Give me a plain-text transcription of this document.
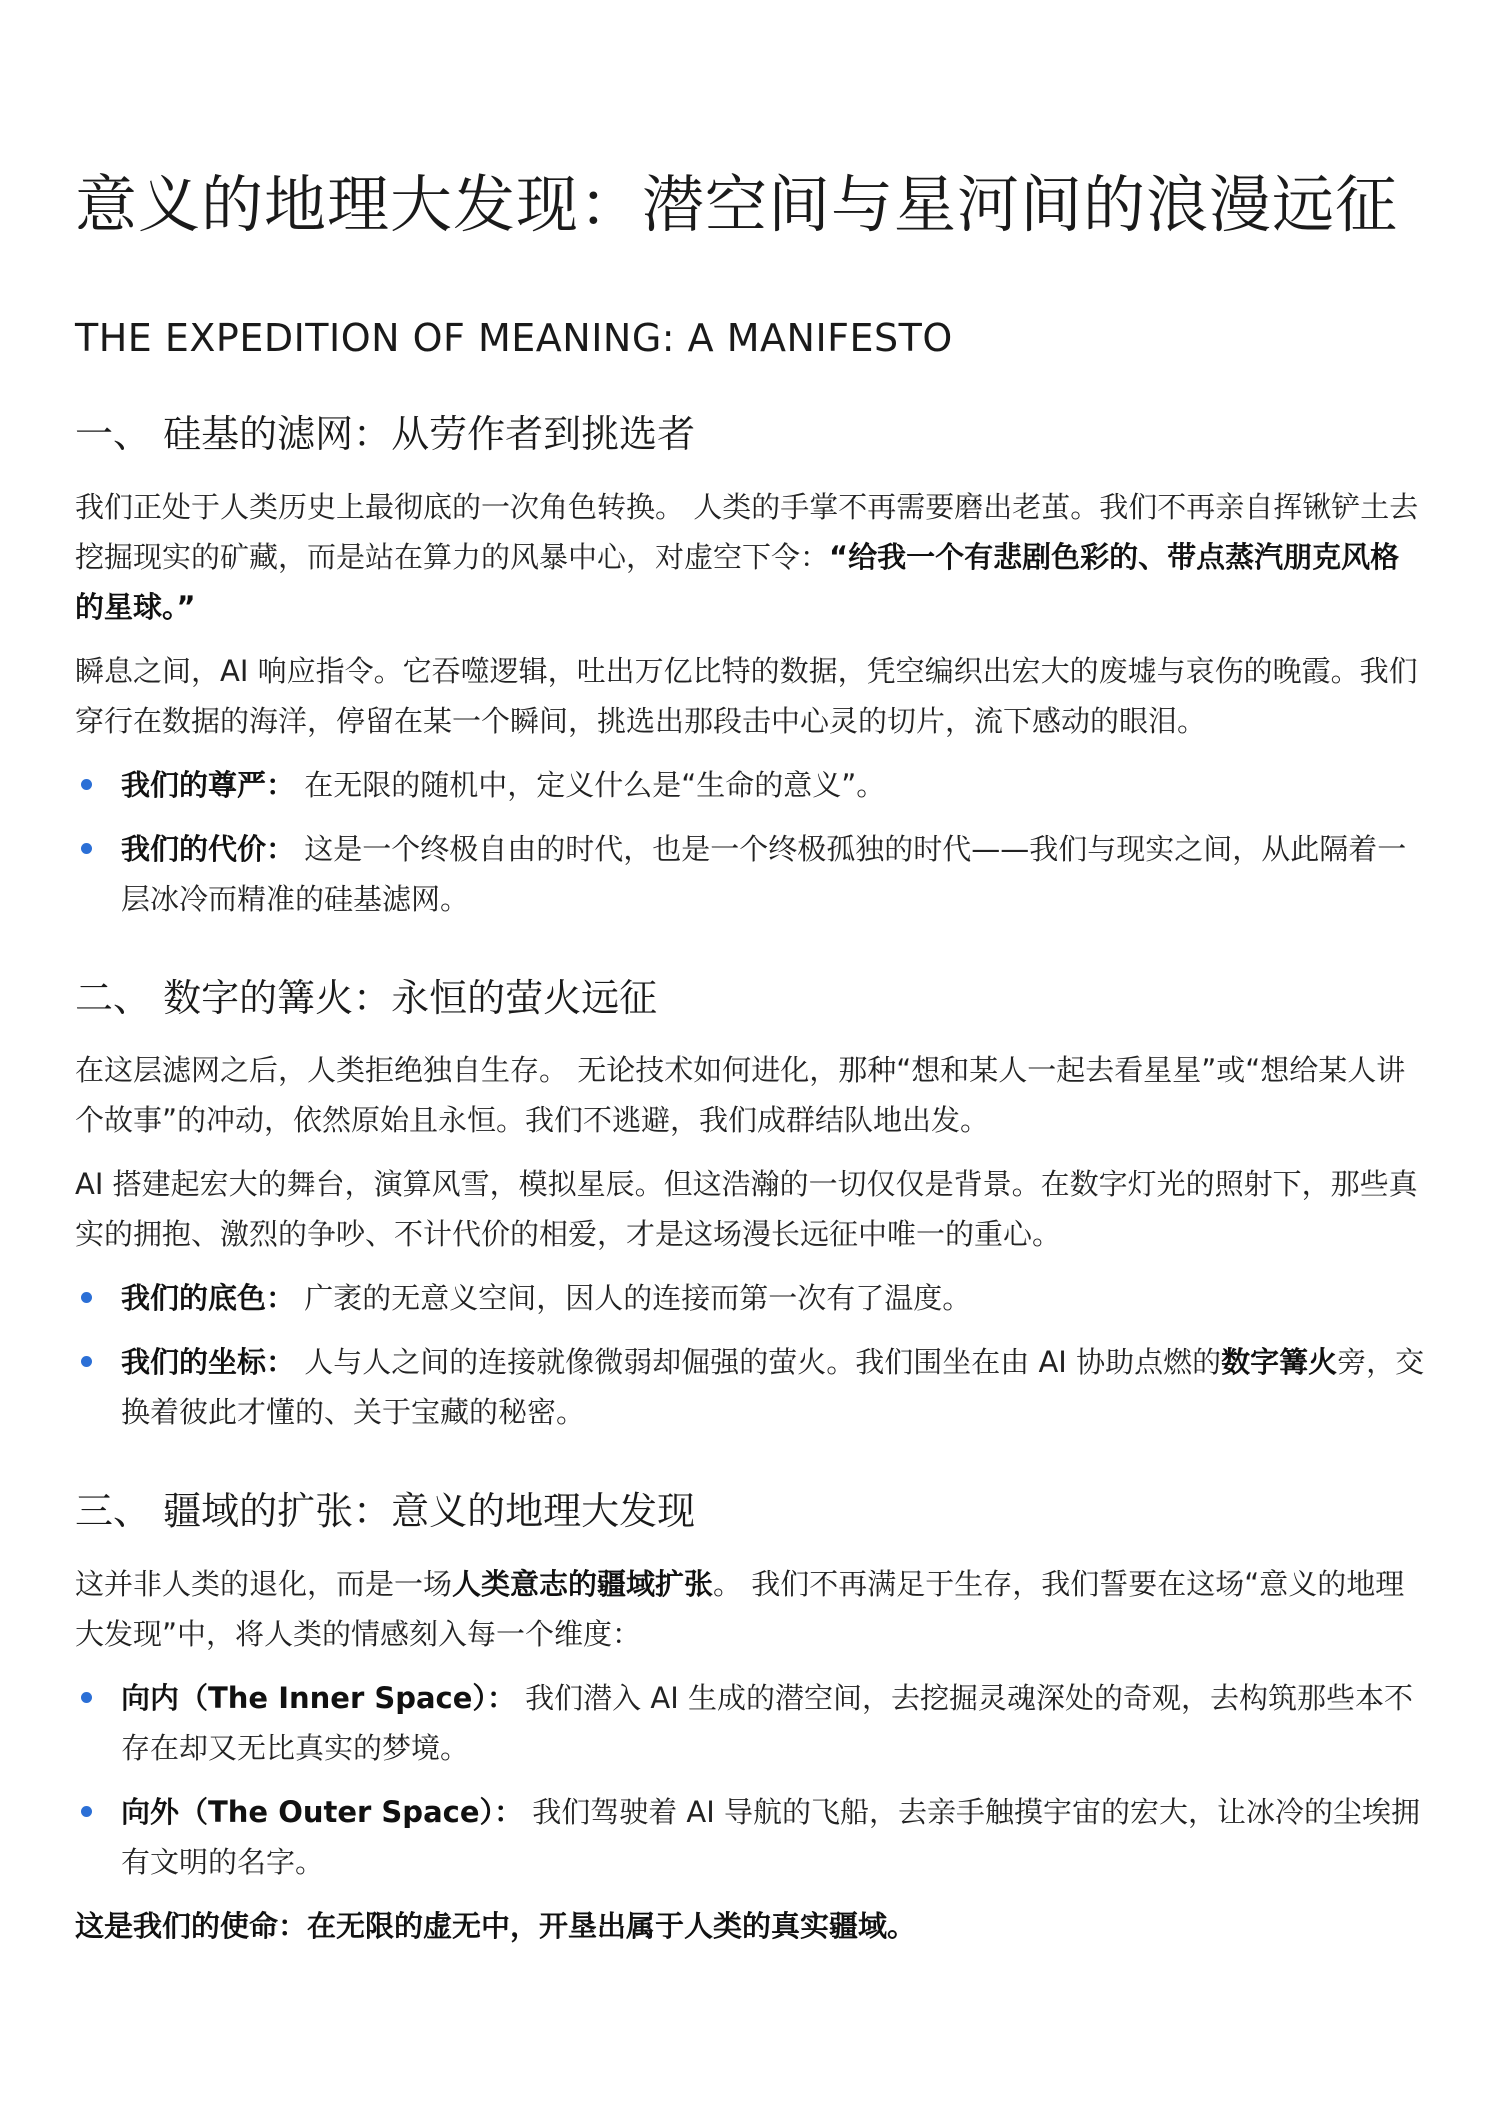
意义的地理大发现：潜空间与星河间的浪漫远征
THE EXPEDITION OF MEANING: A MANIFESTO
一、 硅基的滤网：从劳作者到挑选者

我们正处于人类历史上最彻底的一次角色转换。 人类的手掌不再需要磨出老茧。我们不再亲自挥锹铲土去挖掘现实的矿藏，而是站在算力的风暴中心，对虚空下令：“给我一个有悲剧色彩的、带点蒸汽朋克风格的星球。”

瞬息之间，AI 响应指令。它吞噬逻辑，吐出万亿比特的数据，凭空编织出宏大的废墟与哀伤的晚霞。我们穿行在数据的海洋，停留在某一个瞬间，挑选出那段击中心灵的切片，流下感动的眼泪。

我们的尊严： 在无限的随机中，定义什么是“生命的意义”。
我们的代价： 这是一个终极自由的时代，也是一个终极孤独的时代——我们与现实之间，从此隔着一层冰冷而精准的硅基滤网。
二、 数字的篝火：永恒的萤火远征

在这层滤网之后，人类拒绝独自生存。 无论技术如何进化，那种“想和某人一起去看星星”或“想给某人讲个故事”的冲动，依然原始且永恒。我们不逃避，我们成群结队地出发。

AI 搭建起宏大的舞台，演算风雪，模拟星辰。但这浩瀚的一切仅仅是背景。在数字灯光的照射下，那些真实的拥抱、激烈的争吵、不计代价的相爱，才是这场漫长远征中唯一的重心。

我们的底色： 广袤的无意义空间，因人的连接而第一次有了温度。
我们的坐标： 人与人之间的连接就像微弱却倔强的萤火。我们围坐在由 AI 协助点燃的数字篝火旁，交换着彼此才懂的、关于宝藏的秘密。
三、 疆域的扩张：意义的地理大发现

这并非人类的退化，而是一场人类意志的疆域扩张。 我们不再满足于生存，我们誓要在这场“意义的地理大发现”中，将人类的情感刻入每一个维度：

向内（The Inner Space）： 我们潜入 AI 生成的潜空间，去挖掘灵魂深处的奇观，去构筑那些本不存在却又无比真实的梦境。
向外（The Outer Space）： 我们驾驶着 AI 导航的飞船，去亲手触摸宇宙的宏大，让冰冷的尘埃拥有文明的名字。

这是我们的使命：在无限的虚无中，开垦出属于人类的真实疆域。
